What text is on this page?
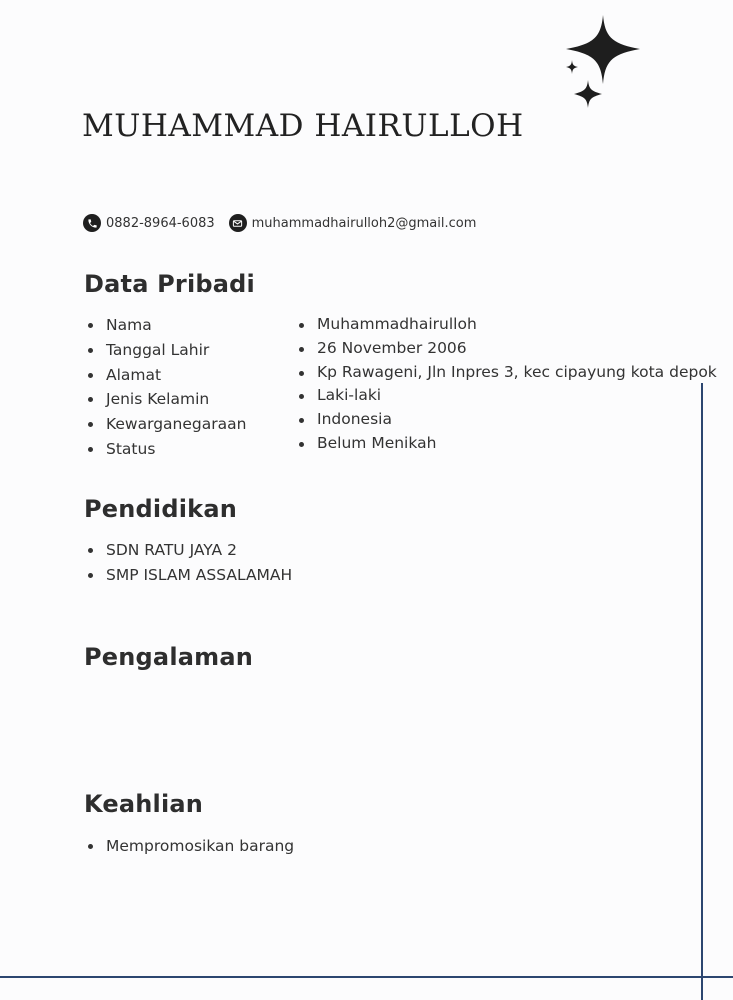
MUHAMMAD HAIRULLOH
0882-8964-6083	muhammadhairulloh2@gmail.com
Data Pribadi
Nama
Tanggal Lahir
Alamat
Jenis Kelamin
Kewarganegaraan
Status
Muhammadhairulloh
26 November 2006
Kp Rawageni, Jln Inpres 3, kec cipayung kota depok
Laki-laki
Indonesia
Belum Menikah
Pendidikan
SDN RATU JAYA 2
SMP ISLAM ASSALAMAH
Pengalaman
Keahlian
Mempromosikan barang
